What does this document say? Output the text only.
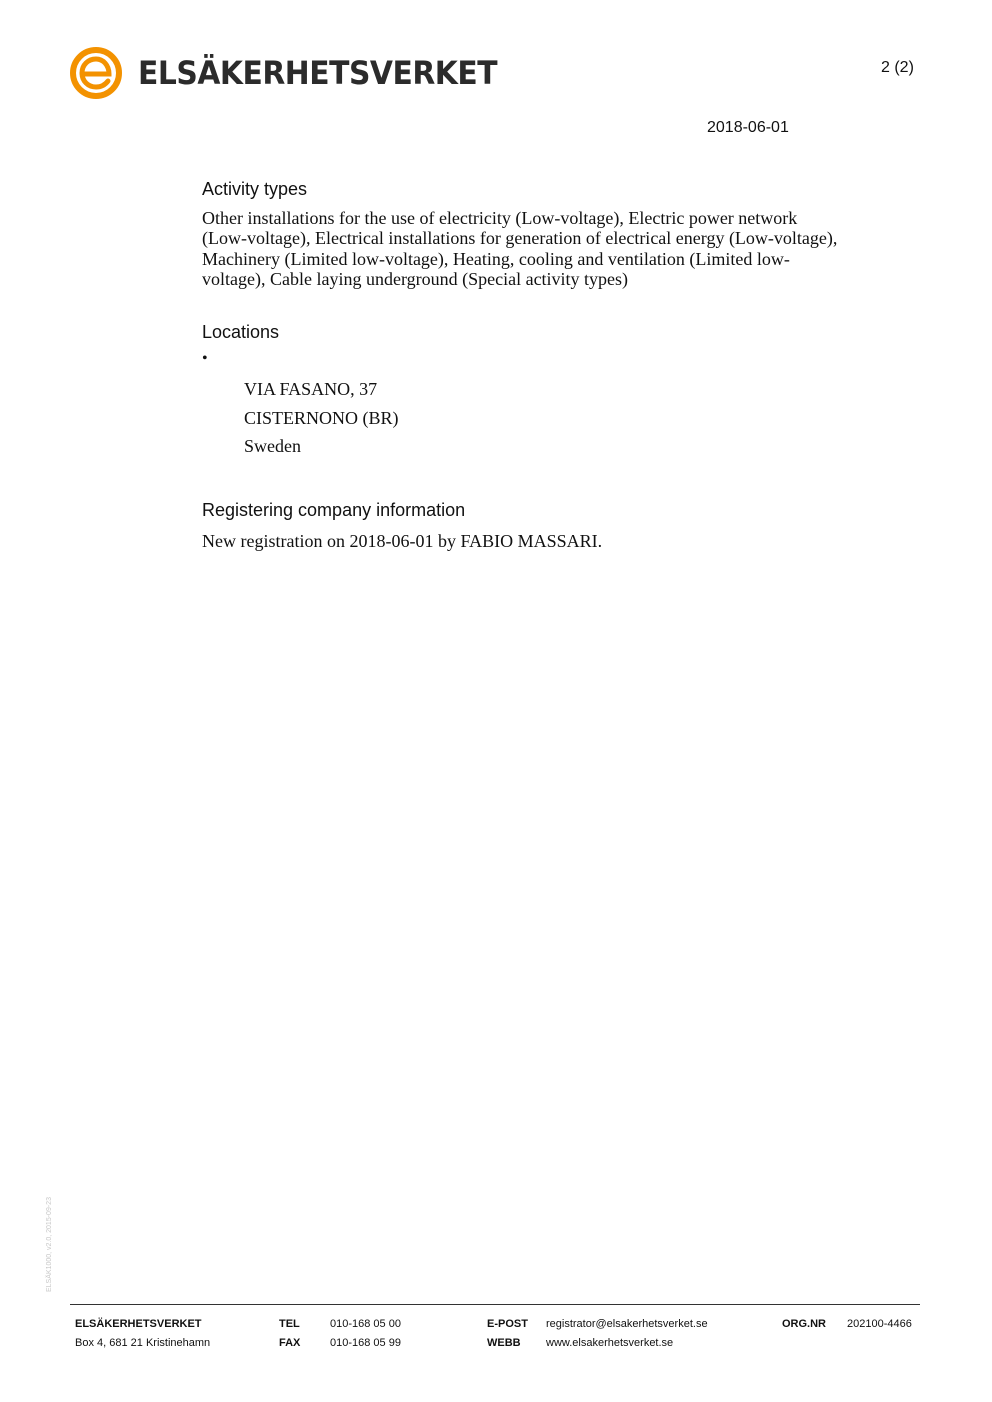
ELSÄKERHETSVERKET	2 (2)
2018-06-01
Activity types
Other installations for the use of electricity (Low-voltage), Electric power network (Low-voltage), Electrical installations for generation of electrical energy (Low-voltage), Machinery (Limited low-voltage), Heating, cooling and ventilation (Limited low-voltage), Cable laying underground (Special activity types)
Locations
•
VIA FASANO, 37
CISTERNONO (BR)
Sweden
Registering company information
New registration on 2018-06-01 by FABIO MASSARI.
ELSÄK1000, v2.0, 2015-09-23
ELSÄKERHETSVERKET
Box 4, 681 21 Kristinehamn
TEL	010-168 05 00
FAX	010-168 05 99
E-POST registrator@elsakerhetsverket.se
WEBB www.elsakerhetsverket.se
ORG.NR 202100-4466
